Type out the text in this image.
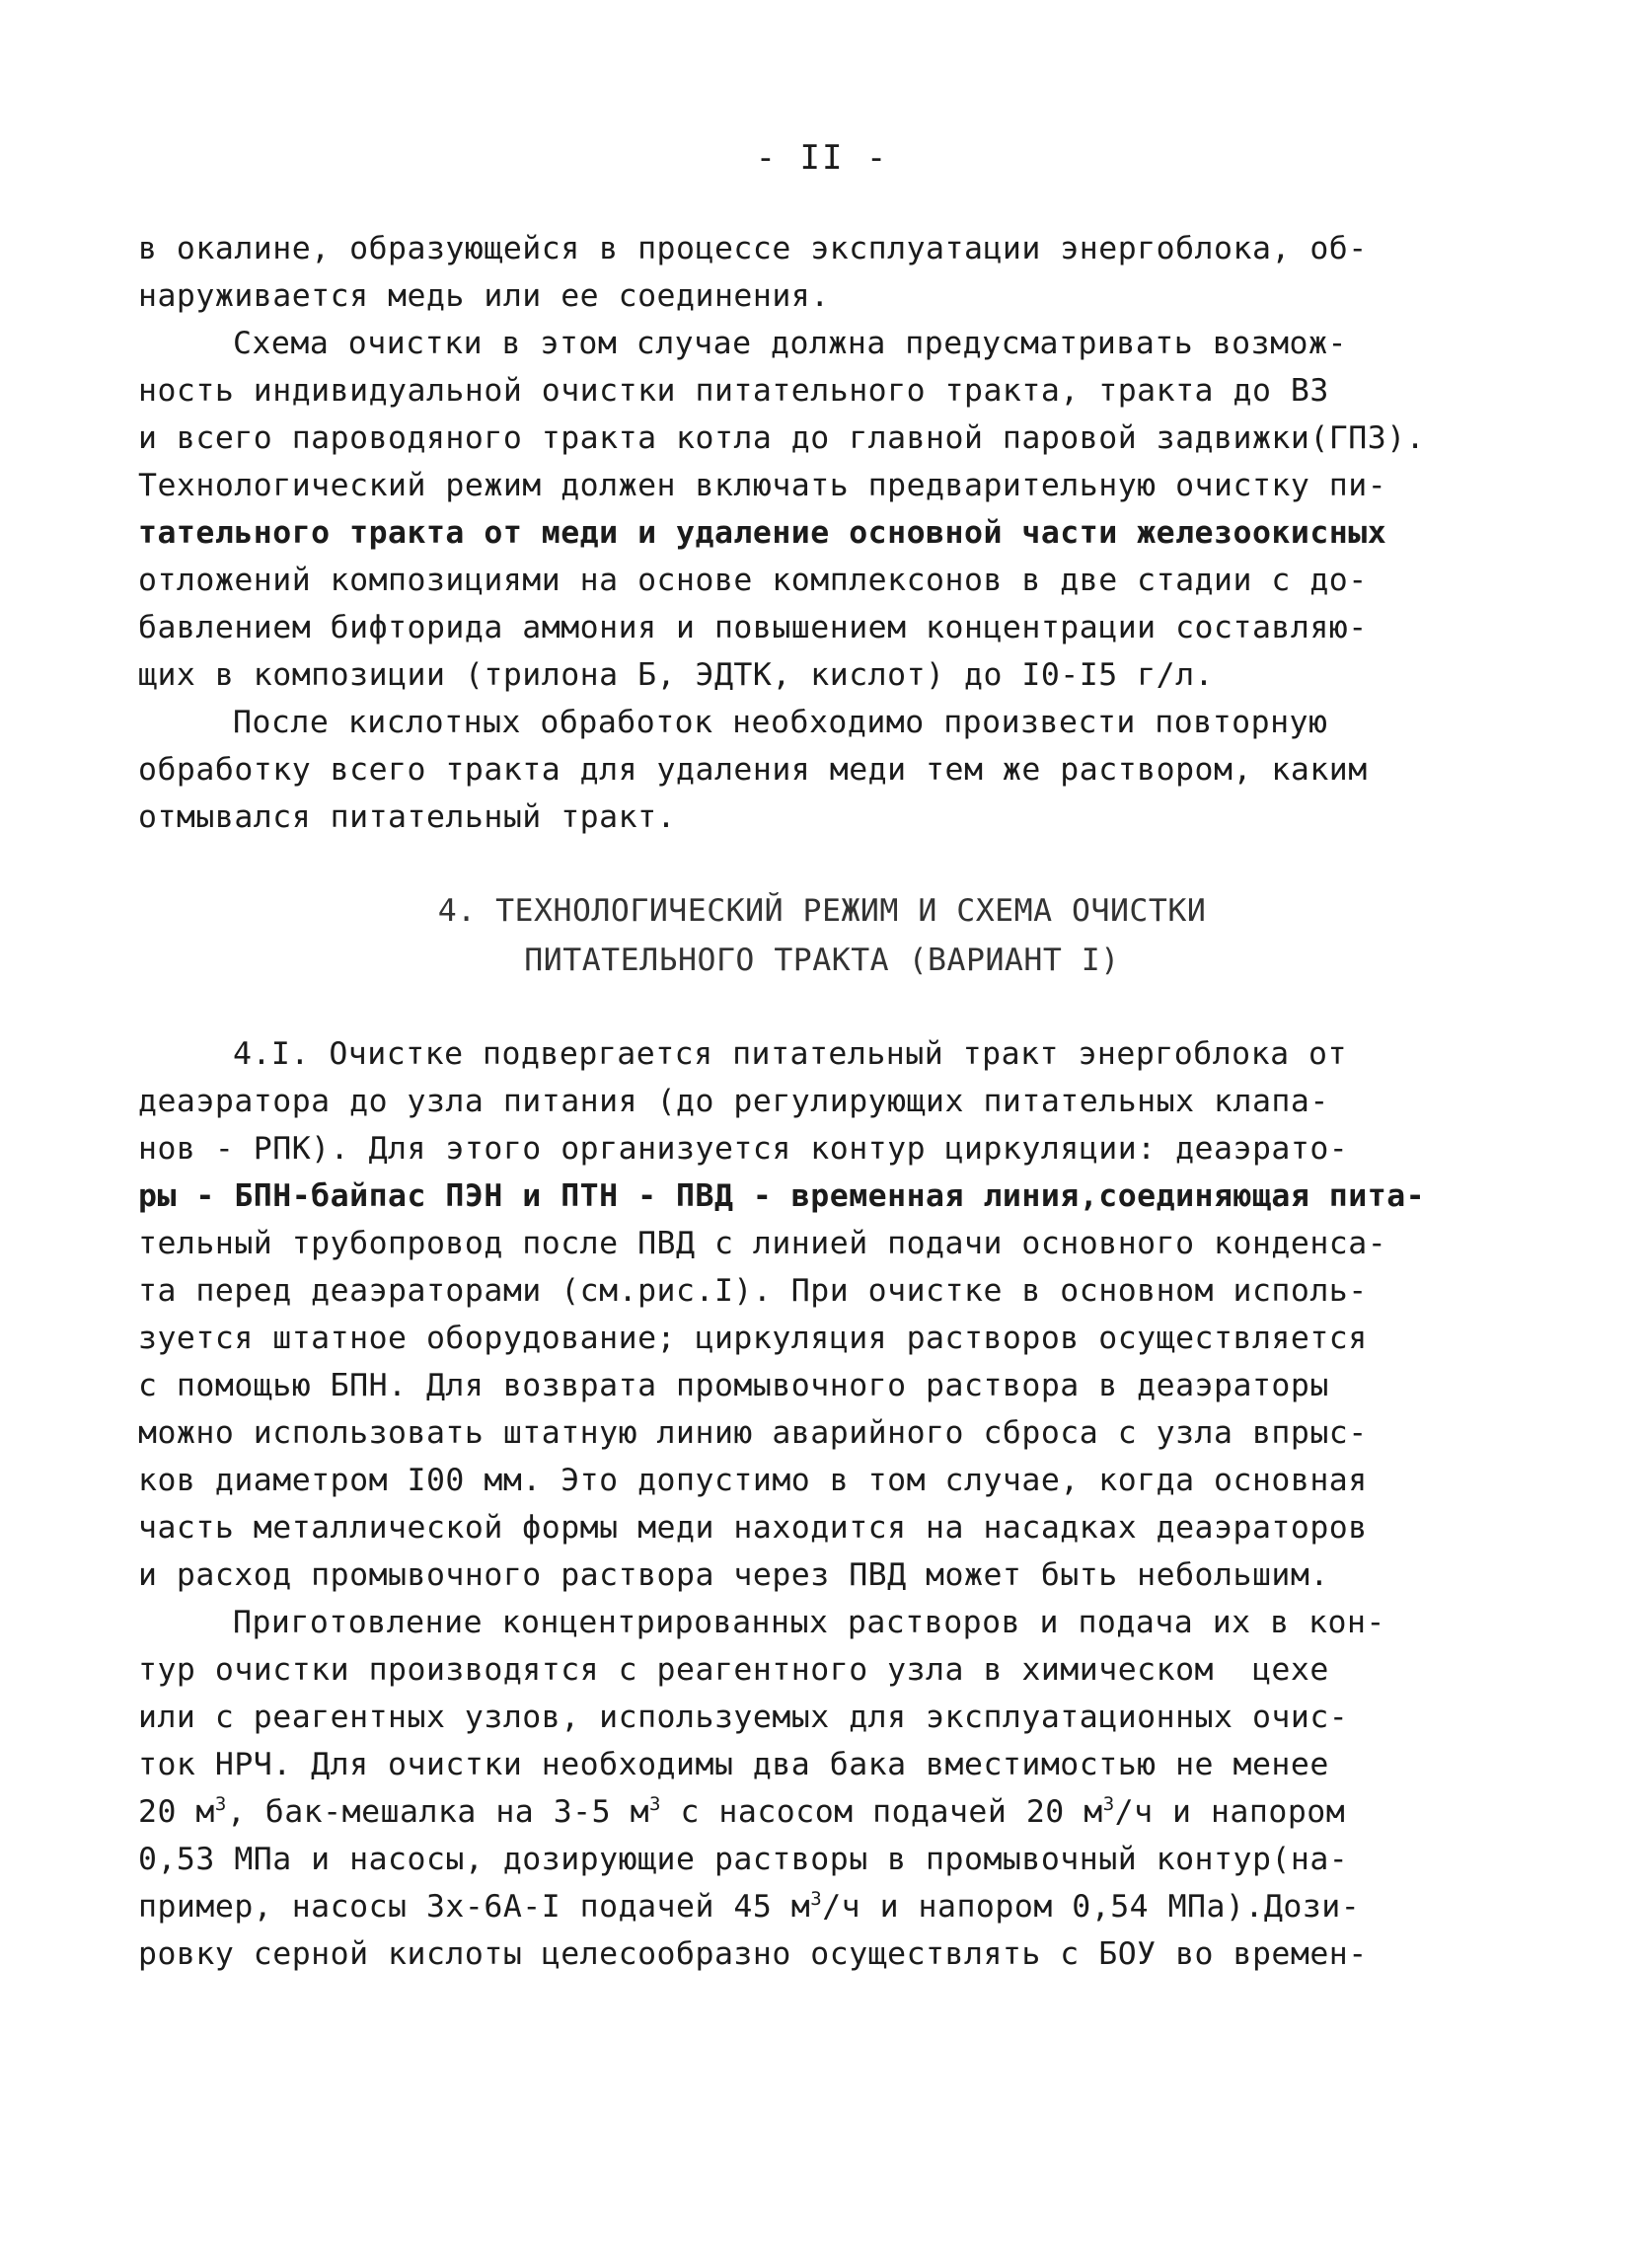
- II -
в окалине, образующейся в процессе эксплуатации энергоблока, об-
наруживается медь или ее соединения.
Схема очистки в этом случае должна предусматривать возмож-
ность индивидуальной очистки питательного тракта, тракта до ВЗ
и всего пароводяного тракта котла до главной паровой задвижки(ГПЗ).
Технологический режим должен включать предварительную очистку пи-
тательного тракта от меди и удаление основной части железоокисных
отложений композициями на основе комплексонов в две стадии с до-
бавлением бифторида аммония и повышением концентрации составляю-
щих в композиции (трилона Б, ЭДТК, кислот) до I0-I5 г/л.
После кислотных обработок необходимо произвести повторную
обработку всего тракта для удаления меди тем же раствором, каким
отмывался питательный тракт.
4. ТЕХНОЛОГИЧЕСКИЙ РЕЖИМ И СХЕМА ОЧИСТКИ
ПИТАТЕЛЬНОГО ТРАКТА (ВАРИАНТ I)
4.I. Очистке подвергается питательный тракт энергоблока от
деаэратора до узла питания (до регулирующих питательных клапа-
нов - РПК). Для этого организуется контур циркуляции: деаэрато-
ры - БПН-байпас ПЭН и ПТН - ПВД - временная линия,соединяющая пита-
тельный трубопровод после ПВД с линией подачи основного конденса-
та перед деаэраторами (см.рис.I). При очистке в основном исполь-
зуется штатное оборудование; циркуляция растворов осуществляется
с помощью БПН. Для возврата промывочного раствора в деаэраторы
можно использовать штатную линию аварийного сброса с узла впрыс-
ков диаметром I00 мм. Это допустимо в том случае, когда основная
часть металлической формы меди находится на насадках деаэраторов
и расход промывочного раствора через ПВД может быть небольшим.
Приготовление концентрированных растворов и подача их в кон-
тур очистки производятся с реагентного узла в химическом  цехе
или с реагентных узлов, используемых для эксплуатационных очис-
ток НРЧ. Для очистки необходимы два бака вместимостью не менее
20 $м^3$, бак-мешалка на 3-5 $м^3$ с насосом подачей 20 $м^3/ч$ и напором
0,53 МПа и насосы, дозирующие растворы в промывочный контур(на-
пример, насосы 3х-6А-I подачей 45 $м^3/ч$ и напором 0,54 МПа).Дози-
ровку серной кислоты целесообразно осуществлять с БОУ во времен-
